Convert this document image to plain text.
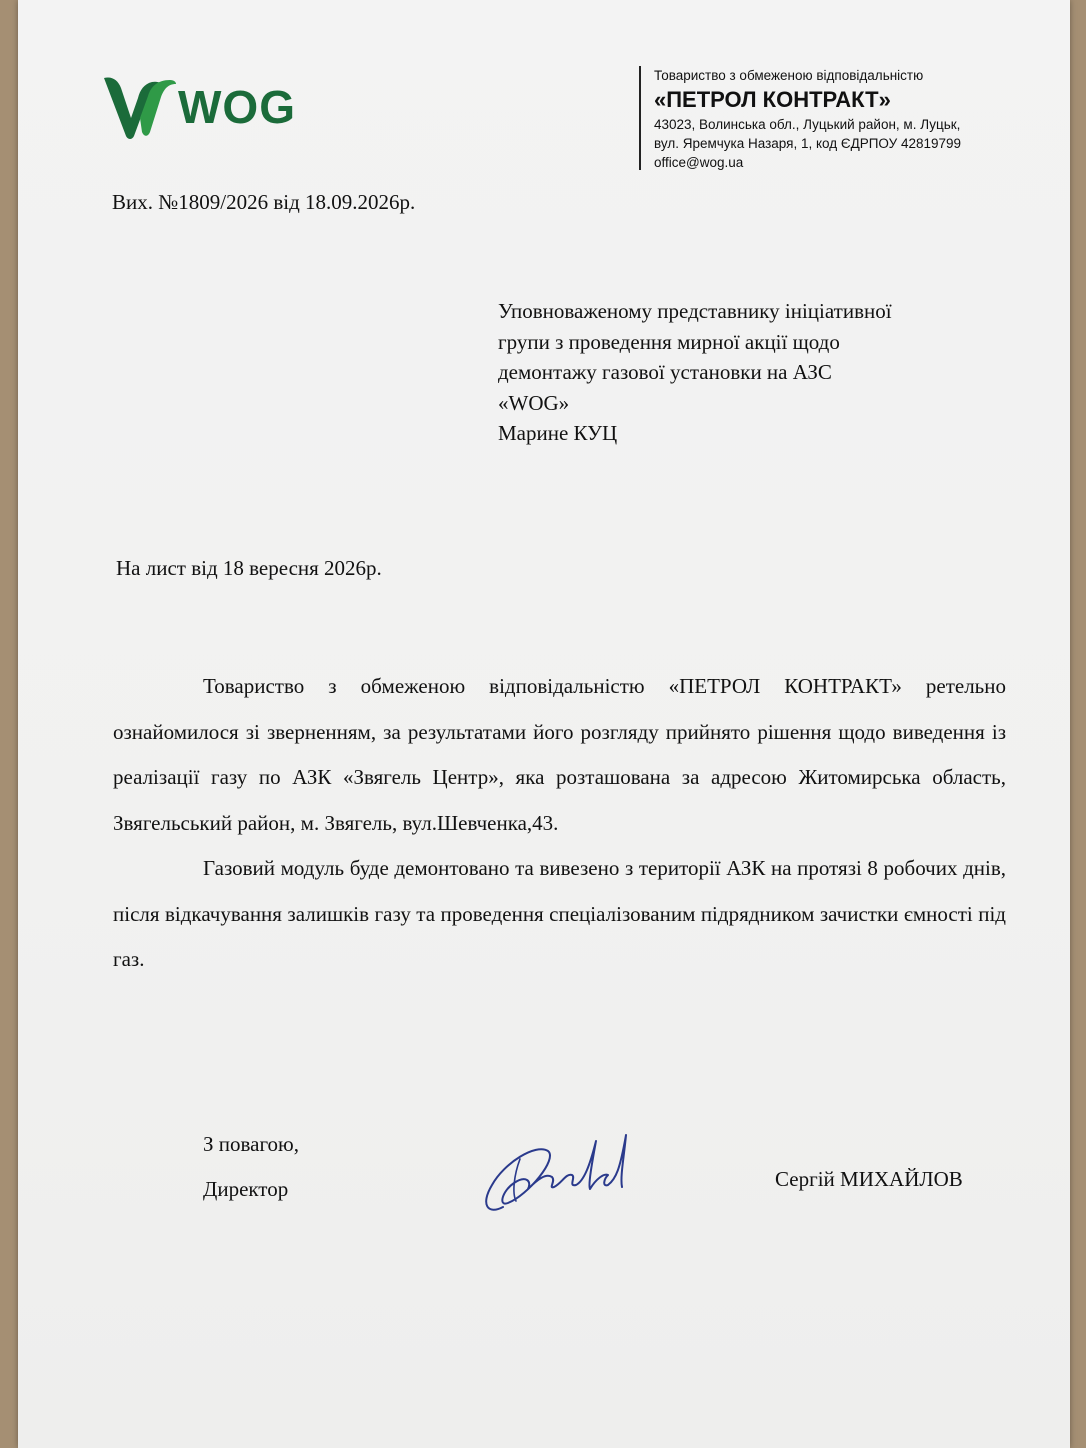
WOG
Товариство з обмеженою відповідальністю
«ПЕТРОЛ КОНТРАКТ»
43023, Волинська обл., Луцький район, м. Луцьк,
вул. Яремчука Назаря, 1, код ЄДРПОУ 42819799
office@wog.ua
Вих. №1809/2026 від 18.09.2026р.
Уповноваженому представнику ініціативної
групи з проведення мирної акції щодо
демонтажу газової установки на АЗС
«WOG»
Марине КУЦ
На лист від 18 вересня 2026р.

Товариство з обмеженою відповідальністю «ПЕТРОЛ КОНТРАКТ» ретельно ознайомилося зі зверненням, за результатами його розгляду прийнято рішення щодо виведення із реалізації газу по АЗК «Звягель Центр», яка розташована за адресою Житомирська область, Звягельський район, м. Звягель, вул.Шевченка,43.

Газовий модуль буде демонтовано та вивезено з території АЗК на протязі 8 робочих днів, після відкачування залишків газу та проведення спеціалізованим підрядником зачистки ємності під газ.

З повагою,
Директор	Сергій МИХАЙЛОВ
